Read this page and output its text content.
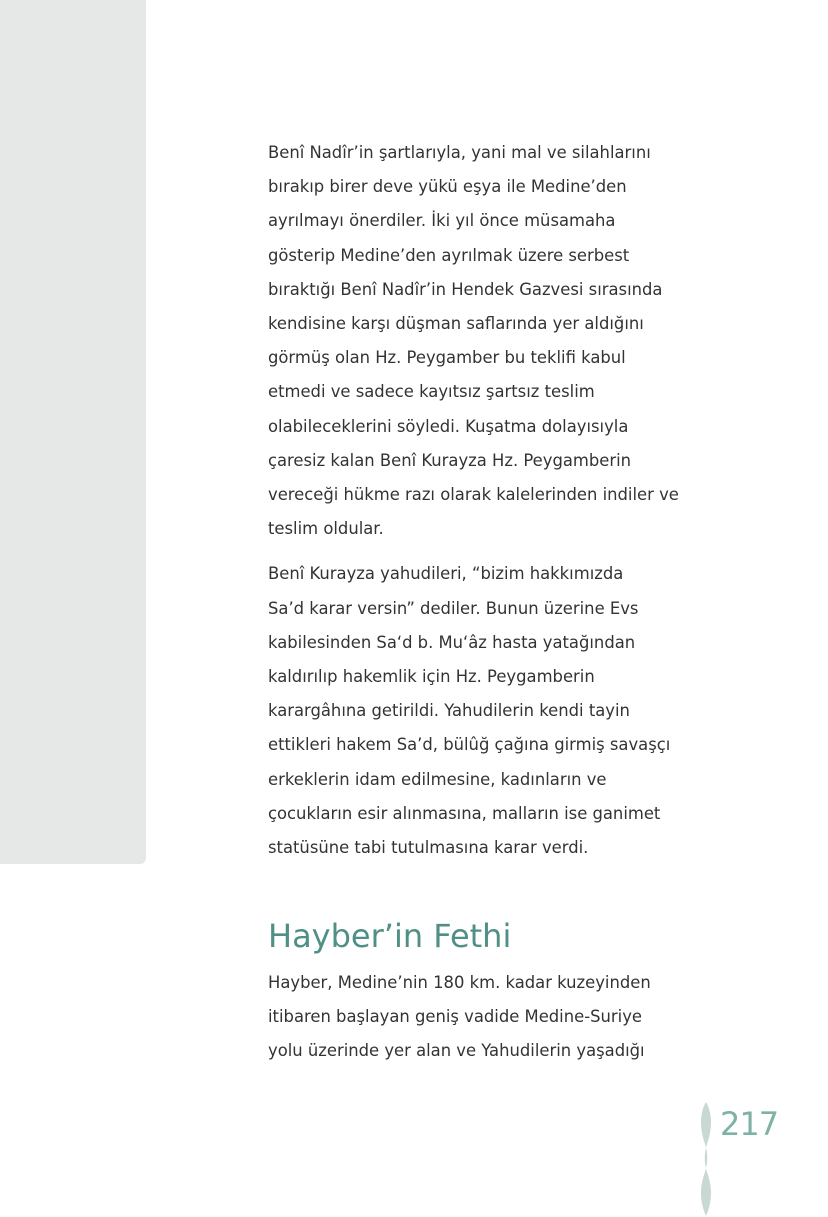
Benî Nadîr’in şartlarıyla, yani mal ve silahlarını
bırakıp birer deve yükü eşya ile Medine’den
ayrılmayı önerdiler. İki yıl önce müsamaha
gösterip Medine’den ayrılmak üzere serbest
bıraktığı Benî Nadîr’in Hendek Gazvesi sırasında
kendisine karşı düşman saflarında yer aldığını
görmüş olan Hz. Peygamber bu teklifi kabul
etmedi ve sadece kayıtsız şartsız teslim
olabileceklerini söyledi. Kuşatma dolayısıyla
çaresiz kalan Benî Kurayza Hz. Peygamberin
vereceği hükme razı olarak kalelerinden indiler ve
teslim oldular.

Benî Kurayza yahudileri, “bizim hakkımızda
Sa’d karar versin” dediler. Bunun üzerine Evs
kabilesinden Sa‘d b. Mu‘âz hasta yatağından
kaldırılıp hakemlik için Hz. Peygamberin
karargâhına getirildi. Yahudilerin kendi tayin
ettikleri hakem Sa’d, bülûğ çağına girmiş savaşçı
erkeklerin idam edilmesine, kadınların ve
çocukların esir alınmasına, malların ise ganimet
statüsüne tabi tutulmasına karar verdi.

Hayber’in Fethi

Hayber, Medine’nin 180 km. kadar kuzeyinden
itibaren başlayan geniş vadide Medine-Suriye
yolu üzerinde yer alan ve Yahudilerin yaşadığı

217
